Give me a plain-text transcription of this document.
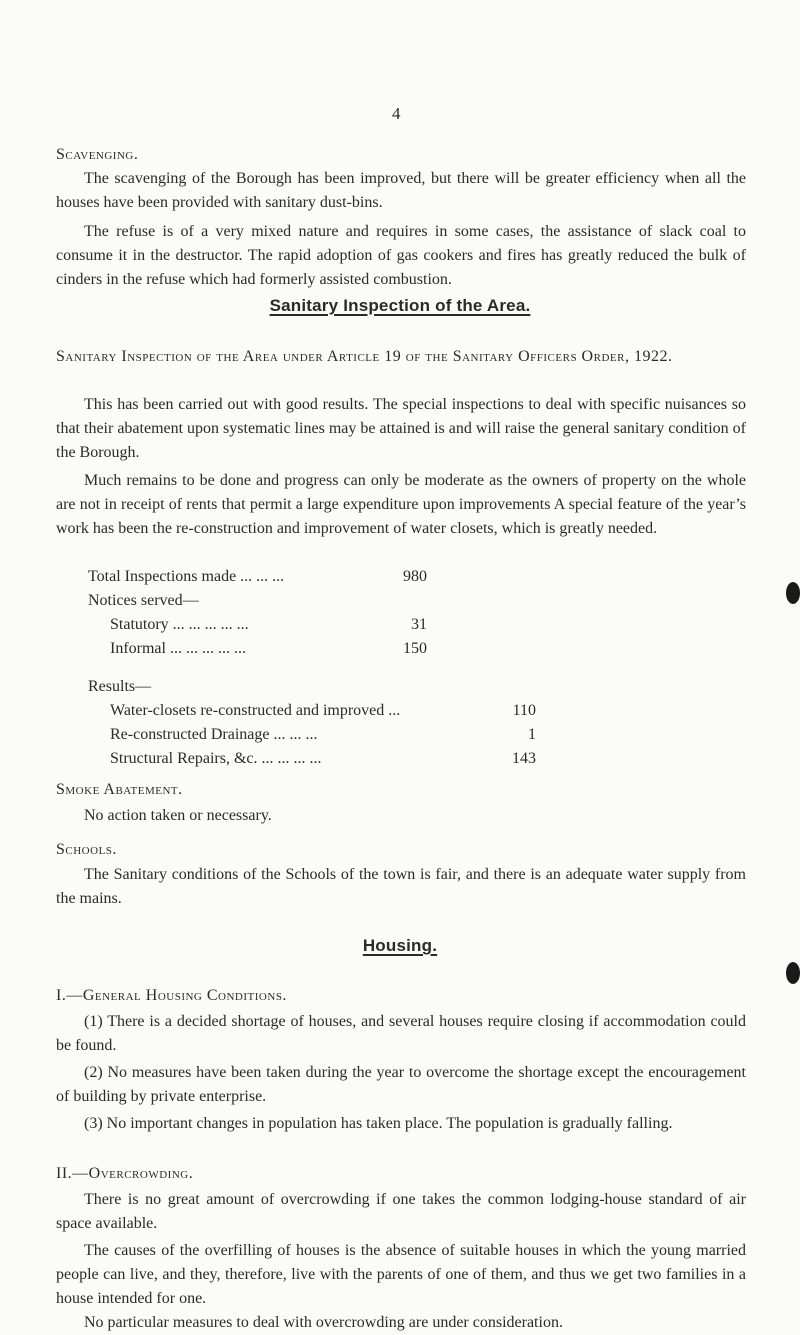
4
Scavenging.
The scavenging of the Borough has been improved, but there will be greater efficiency when all the houses have been provided with sanitary dust-bins.
The refuse is of a very mixed nature and requires in some cases, the assistance of slack coal to consume it in the destructor. The rapid adoption of gas cookers and fires has greatly reduced the bulk of cinders in the refuse which had formerly assisted combustion.
Sanitary Inspection of the Area.
Sanitary Inspection of the Area under Article 19 of the Sanitary Officers Order, 1922.
This has been carried out with good results. The special inspections to deal with specific nuisances so that their abatement upon systematic lines may be attained is and will raise the general sanitary condition of the Borough.
Much remains to be done and progress can only be moderate as the owners of property on the whole are not in receipt of rents that permit a large expenditure upon improvements A special feature of the year’s work has been the re-construction and improvement of water closets, which is greatly needed.
Total Inspections made ... ... ...	980
Notices served—
Statutory ... ... ... ... ...	31
Informal ... ... ... ... ...	150
Results—
Water-closets re-constructed and improved ...	110
Re-constructed Drainage ... ... ...	1
Structural Repairs, &c. ... ... ... ...	143
Smoke Abatement.
No action taken or necessary.
Schools.
The Sanitary conditions of the Schools of the town is fair, and there is an adequate water supply from the mains.
Housing.
I.—General Housing Conditions.
(1) There is a decided shortage of houses, and several houses require closing if accommodation could be found.
(2) No measures have been taken during the year to overcome the shortage except the encouragement of building by private enterprise.
(3) No important changes in population has taken place. The population is gradually falling.
II.—Overcrowding.
There is no great amount of overcrowding if one takes the common lodging-house standard of air space available.
The causes of the overfilling of houses is the absence of suitable houses in which the young married people can live, and they, therefore, live with the parents of one of them, and thus we get two families in a house intended for one.
No particular measures to deal with overcrowding are under consideration.
